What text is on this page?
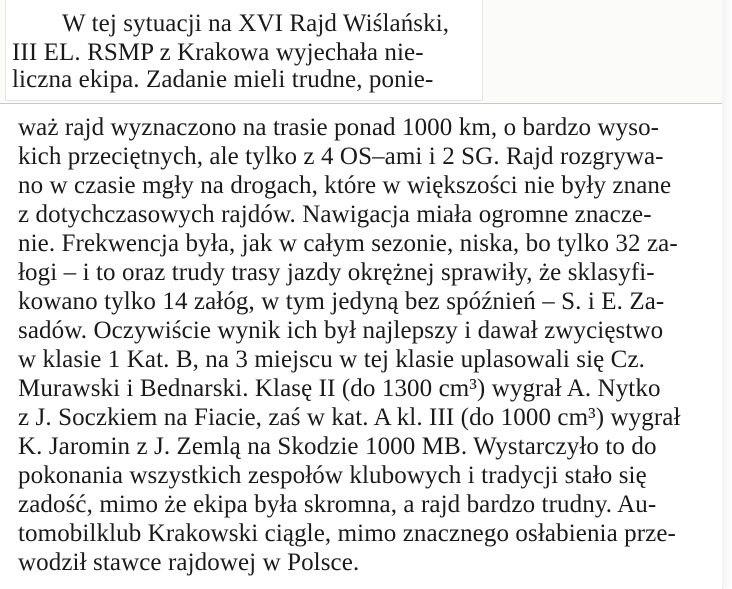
W tej sytuacji na XVI Rajd Wiślański,
III EL. RSMP z Krakowa wyjechała nie-
liczna ekipa. Zadanie mieli trudne, ponie-
waż rajd wyznaczono na trasie ponad 1000 km, o bardzo wyso-
kich przeciętnych, ale tylko z 4 OS–ami i 2 SG. Rajd rozgrywa-
no w czasie mgły na drogach, które w większości nie były znane
z dotychczasowych rajdów. Nawigacja miała ogromne znacze-
nie. Frekwencja była, jak w całym sezonie, niska, bo tylko 32 za-
łogi – i to oraz trudy trasy jazdy okrężnej sprawiły, że sklasyfi-
kowano tylko 14 załóg, w tym jedyną bez spóźnień – S. i E. Za-
sadów. Oczywiście wynik ich był najlepszy i dawał zwycięstwo
w klasie 1 Kat. B, na 3 miejscu w tej klasie uplasowali się Cz.
Murawski i Bednarski. Klasę II (do 1300 cm³) wygrał A. Nytko
z J. Soczkiem na Fiacie, zaś w kat. A kl. III (do 1000 cm³) wygrał
K. Jaromin z J. Zemlą na Skodzie 1000 MB. Wystarczyło to do
pokonania wszystkich zespołów klubowych i tradycji stało się
zadość, mimo że ekipa była skromna, a rajd bardzo trudny. Au-
tomobilklub Krakowski ciągle, mimo znacznego osłabienia prze-
wodził stawce rajdowej w Polsce.
